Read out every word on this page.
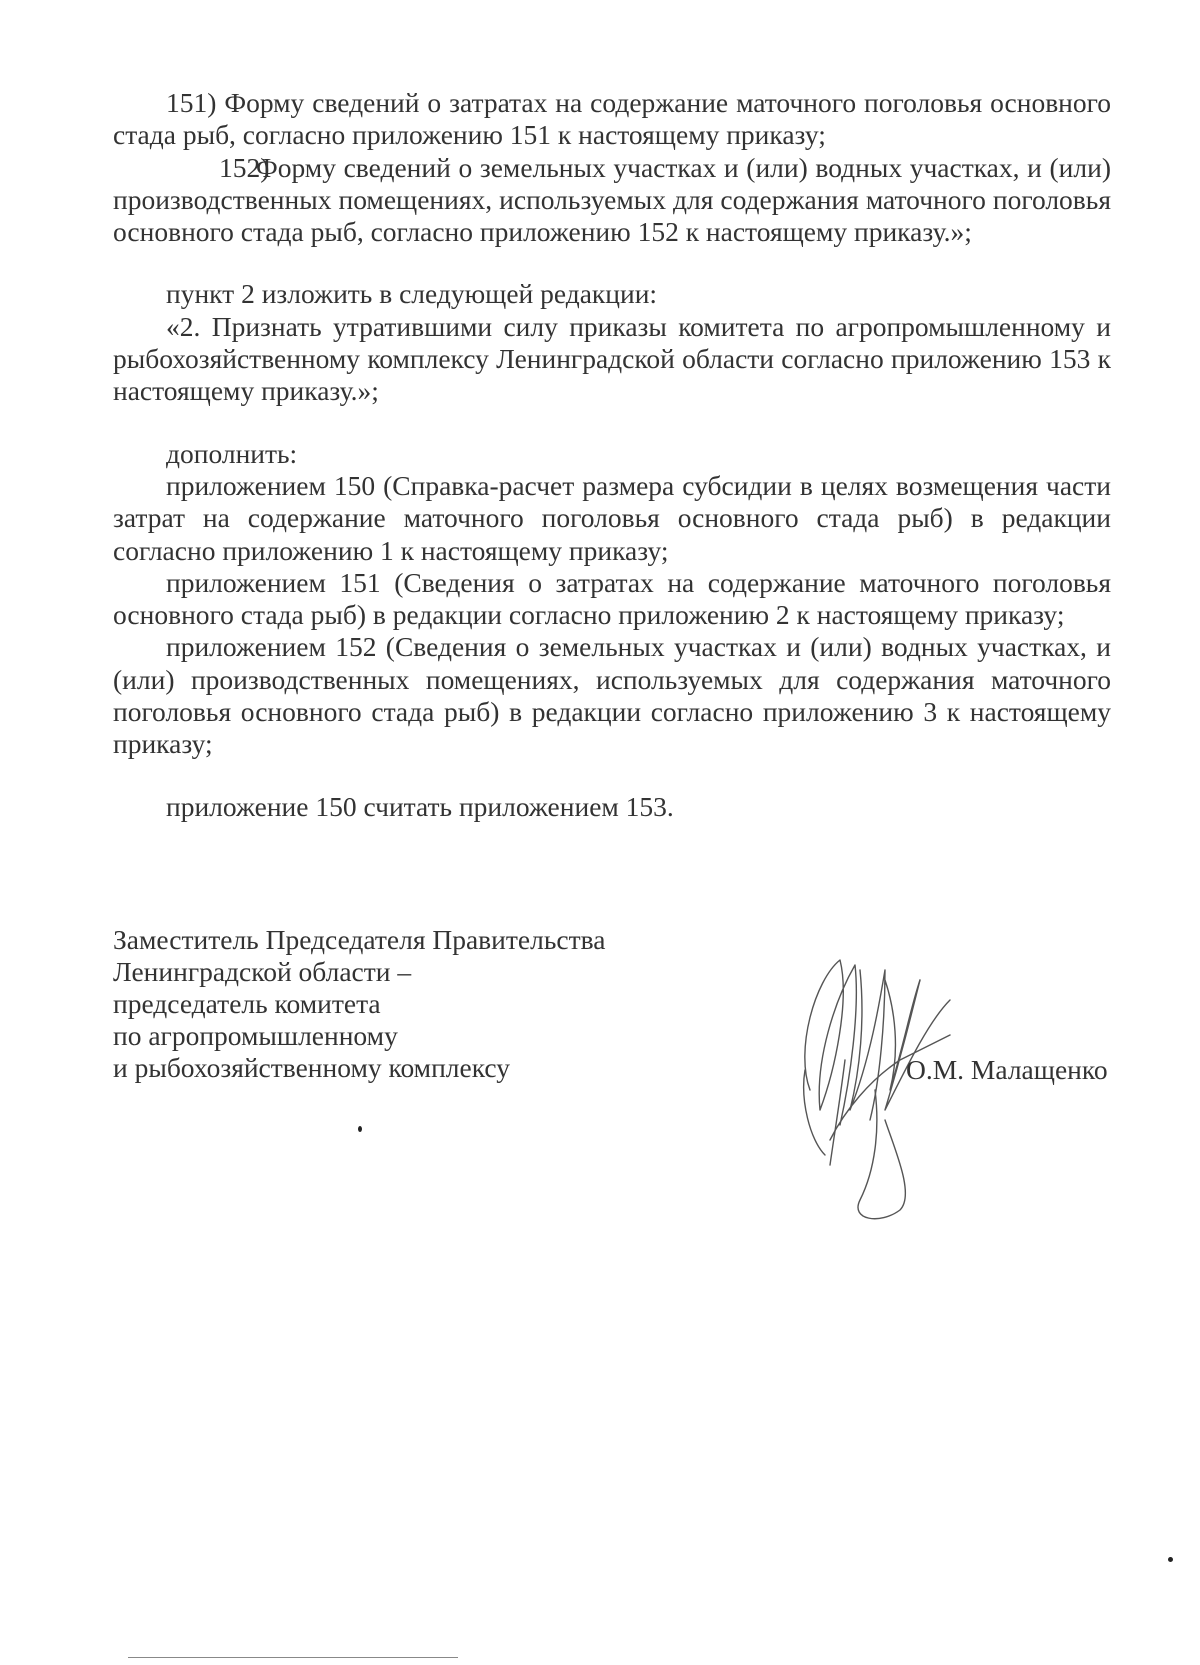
151) Форму сведений о затратах на содержание маточного поголовья основного стада рыб, согласно приложению 151 к настоящему приказу;

152)Форму сведений о земельных участках и (или) водных участках, и (или) производственных помещениях, используемых для содержания маточного поголовья основного стада рыб, согласно приложению 152 к настоящему приказу.»;

пункт 2 изложить в следующей редакции:

«2. Признать утратившими силу приказы комитета по агропромышленному и рыбохозяйственному комплексу Ленинградской области согласно приложению 153 к настоящему приказу.»;

дополнить:

приложением 150 (Справка-расчет размера субсидии в целях возмещения части затрат на содержание маточного поголовья основного стада рыб) в редакции согласно приложению 1 к настоящему приказу;

приложением 151 (Сведения о затратах на содержание маточного поголовья основного стада рыб) в редакции согласно приложению 2 к настоящему приказу;

приложением 152 (Сведения о земельных участках и (или) водных участках, и (или) производственных помещениях, используемых для содержания маточного поголовья основного стада рыб) в редакции согласно приложению 3 к настоящему приказу;

приложение 150 считать приложением 153.

Заместитель Председателя Правительства
Ленинградской области –
председатель комитета
по агропромышленному
и рыбохозяйственному комплексу	О.М. Малащенко
